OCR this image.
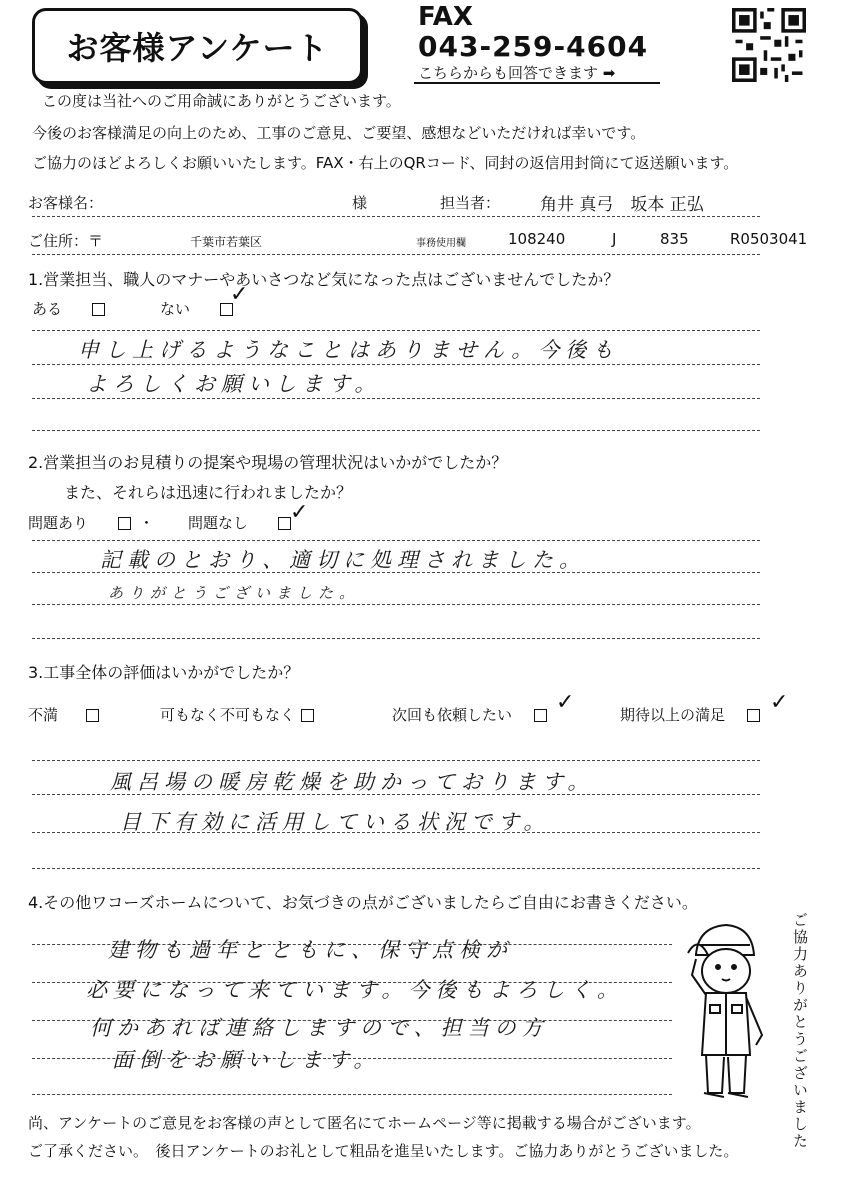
お客様アンケート
FAX
043-259-4604
こちらからも回答できます ➡
この度は当社へのご用命誠にありがとうございます。
今後のお客様満足の向上のため、工事のご意見、ご要望、感想などいただければ幸いです。
ご協力のほどよろしくお願いいたします。FAX・右上のQRコード、同封の返信用封筒にて返送願います。
お客様名：	様	担当者： 角井 真弓　坂本 正弘
ご住所：〒	千葉市若葉区	事務使用欄	108240	J	835	R0503041
1.営業担当、職人のマナーやあいさつなど気になった点はございませんでしたか？
ある	ない
✓
申し上げるようなことはありません。今後も
よろしくお願いします。
2.営業担当のお見積りの提案や現場の管理状況はいかがでしたか？
また、それらは迅速に行われましたか？
問題あり	・ 問題なし	✓
記載のとおり、適切に処理されました。
ありがとうございました。
3.工事全体の評価はいかがでしたか？
不満	可もなく不可もなく	次回も依頼したい	✓	期待以上の満足	✓
風呂場の暖房乾燥を助かっております。
目下有効に活用している状況です。
4.その他ワコーズホームについて、お気づきの点がございましたらご自由にお書きください。
建物も過年とともに、保守点検が
必要になって来ています。今後もよろしく。
何かあれば連絡しますので、担当の方
面倒をお願いします。	ご協力ありがとうございました
尚、アンケートのご意見をお客様の声として匿名にてホームページ等に掲載する場合がございます。
ご了承ください。　後日アンケートのお礼として粗品を進呈いたします。ご協力ありがとうございました。
